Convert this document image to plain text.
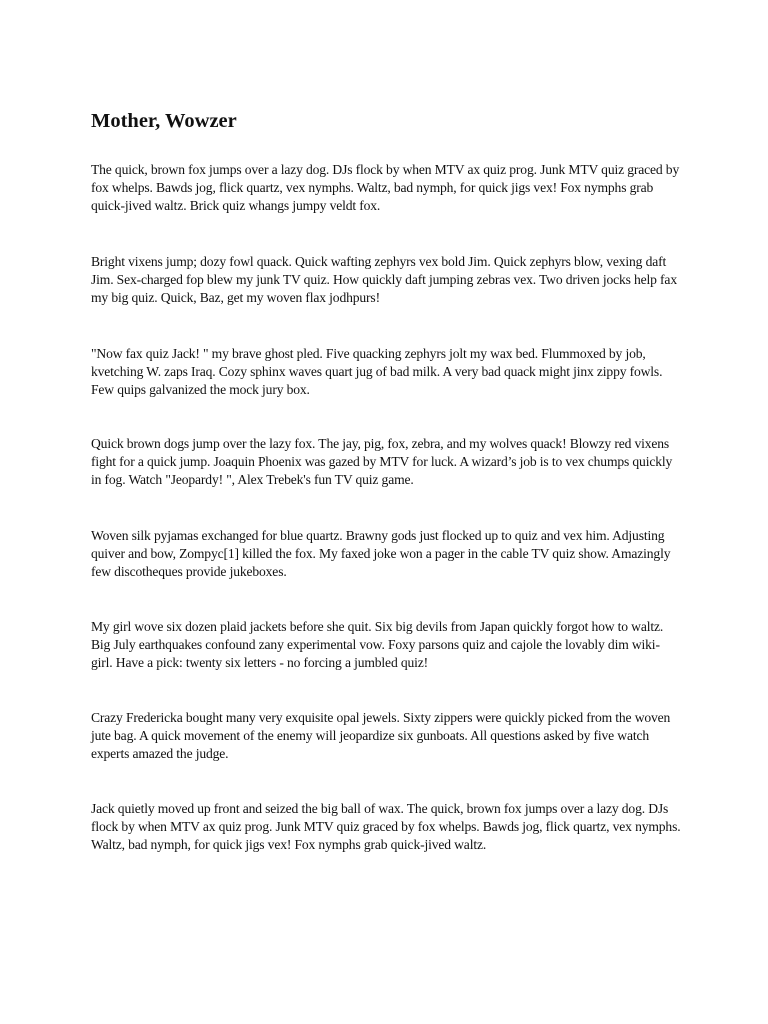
Mother, Wowzer

The quick, brown fox jumps over a lazy dog. DJs flock by when MTV ax quiz prog. Junk MTV quiz graced by fox whelps. Bawds jog, flick quartz, vex nymphs. Waltz, bad nymph, for quick jigs vex! Fox nymphs grab quick-jived waltz. Brick quiz whangs jumpy veldt fox.

Bright vixens jump; dozy fowl quack. Quick wafting zephyrs vex bold Jim. Quick zephyrs blow, vexing daft Jim. Sex-charged fop blew my junk TV quiz. How quickly daft jumping zebras vex. Two driven jocks help fax my big quiz. Quick, Baz, get my woven flax jodhpurs!

"Now fax quiz Jack! " my brave ghost pled. Five quacking zephyrs jolt my wax bed. Flummoxed by job, kvetching W. zaps Iraq. Cozy sphinx waves quart jug of bad milk. A very bad quack might jinx zippy fowls. Few quips galvanized the mock jury box.

Quick brown dogs jump over the lazy fox. The jay, pig, fox, zebra, and my wolves quack! Blowzy red vixens fight for a quick jump. Joaquin Phoenix was gazed by MTV for luck. A wizard’s job is to vex chumps quickly in fog. Watch "Jeopardy! ", Alex Trebek's fun TV quiz game.

Woven silk pyjamas exchanged for blue quartz. Brawny gods just flocked up to quiz and vex him. Adjusting quiver and bow, Zompyc[1] killed the fox. My faxed joke won a pager in the cable TV quiz show. Amazingly few discotheques provide jukeboxes.

My girl wove six dozen plaid jackets before she quit. Six big devils from Japan quickly forgot how to waltz. Big July earthquakes confound zany experimental vow. Foxy parsons quiz and cajole the lovably dim wiki-girl. Have a pick: twenty six letters - no forcing a jumbled quiz!

Crazy Fredericka bought many very exquisite opal jewels. Sixty zippers were quickly picked from the woven jute bag. A quick movement of the enemy will jeopardize six gunboats. All questions asked by five watch experts amazed the judge.

Jack quietly moved up front and seized the big ball of wax. The quick, brown fox jumps over a lazy dog. DJs flock by when MTV ax quiz prog. Junk MTV quiz graced by fox whelps. Bawds jog, flick quartz, vex nymphs. Waltz, bad nymph, for quick jigs vex! Fox nymphs grab quick-jived waltz.
